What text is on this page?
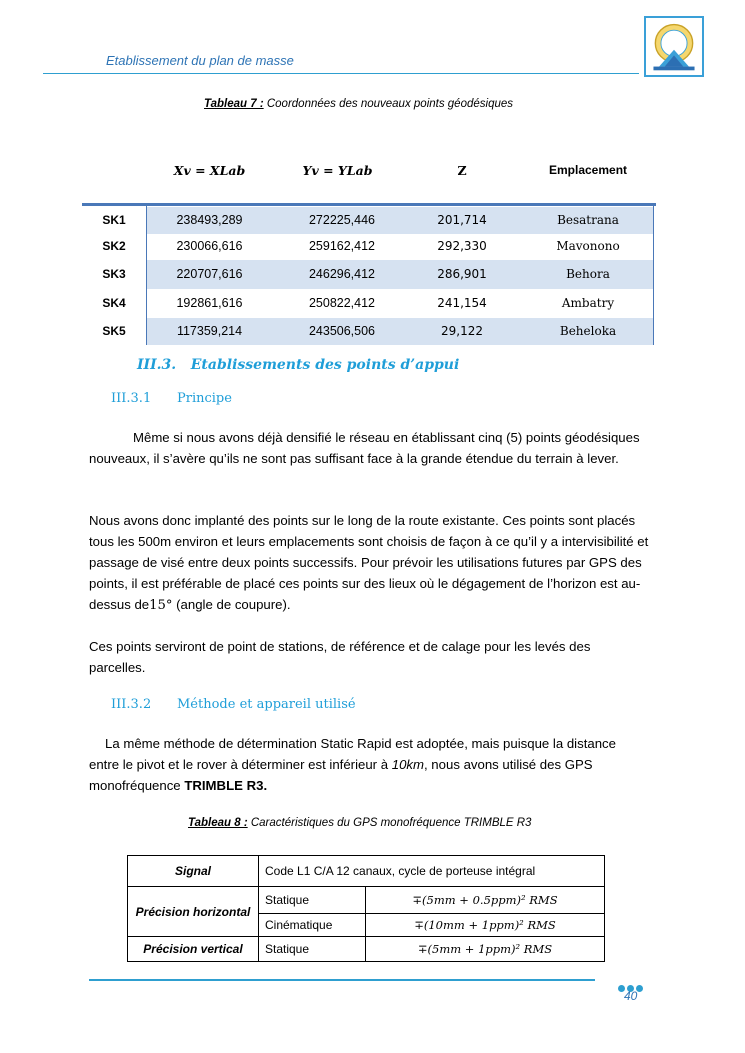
Etablissement du plan de masse
Tableau 7 : Coordonnées des nouveaux points géodésiques
Xv = XLab	Yv = YLab	Z	Emplacement
SK1	238493,289	272225,446	201,714	Besatrana
SK2	230066,616	259162,412	292,330	Mavonono
SK3	220707,616	246296,412	286,901	Behora
SK4	192861,616	250822,412	241,154	Ambatry
SK5	117359,214	243506,506	29,122	Beheloka
III.3. Etablissements des points d’appui
III.3.1 Principe
Même si nous avons déjà densifié le réseau en établissant cinq (5) points géodésiques nouveaux, il s’avère qu’ils ne sont pas suffisant face à la grande étendue du terrain à lever.
Nous avons donc implanté des points sur le long de la route existante. Ces points sont placés tous les 500m environ et leurs emplacements sont choisis de façon à ce qu’il y a intervisibilité et passage de visé entre deux points successifs. Pour prévoir les utilisations futures par GPS des points, il est préférable de placé ces points sur des lieux où le dégagement de l’horizon est au-dessus de15° (angle de coupure).
Ces points serviront de point de stations, de référence et de calage pour les levés des parcelles.
III.3.2 Méthode et appareil utilisé
La même méthode de détermination Static Rapid est adoptée, mais puisque la distance entre le pivot et le rover à déterminer est inférieur à 10km, nous avons utilisé des GPS monofréquence TRIMBLE R3.
Tableau 8 : Caractéristiques du GPS monofréquence TRIMBLE R3
Signal	Code L1 C/A 12 canaux, cycle de porteuse intégral
Précision horizontal
Statique	∓(5mm + 0.5ppm)² RMS
Cinématique	∓(10mm + 1ppm)² RMS
Précision vertical	Statique	∓(5mm + 1ppm)² RMS
40
